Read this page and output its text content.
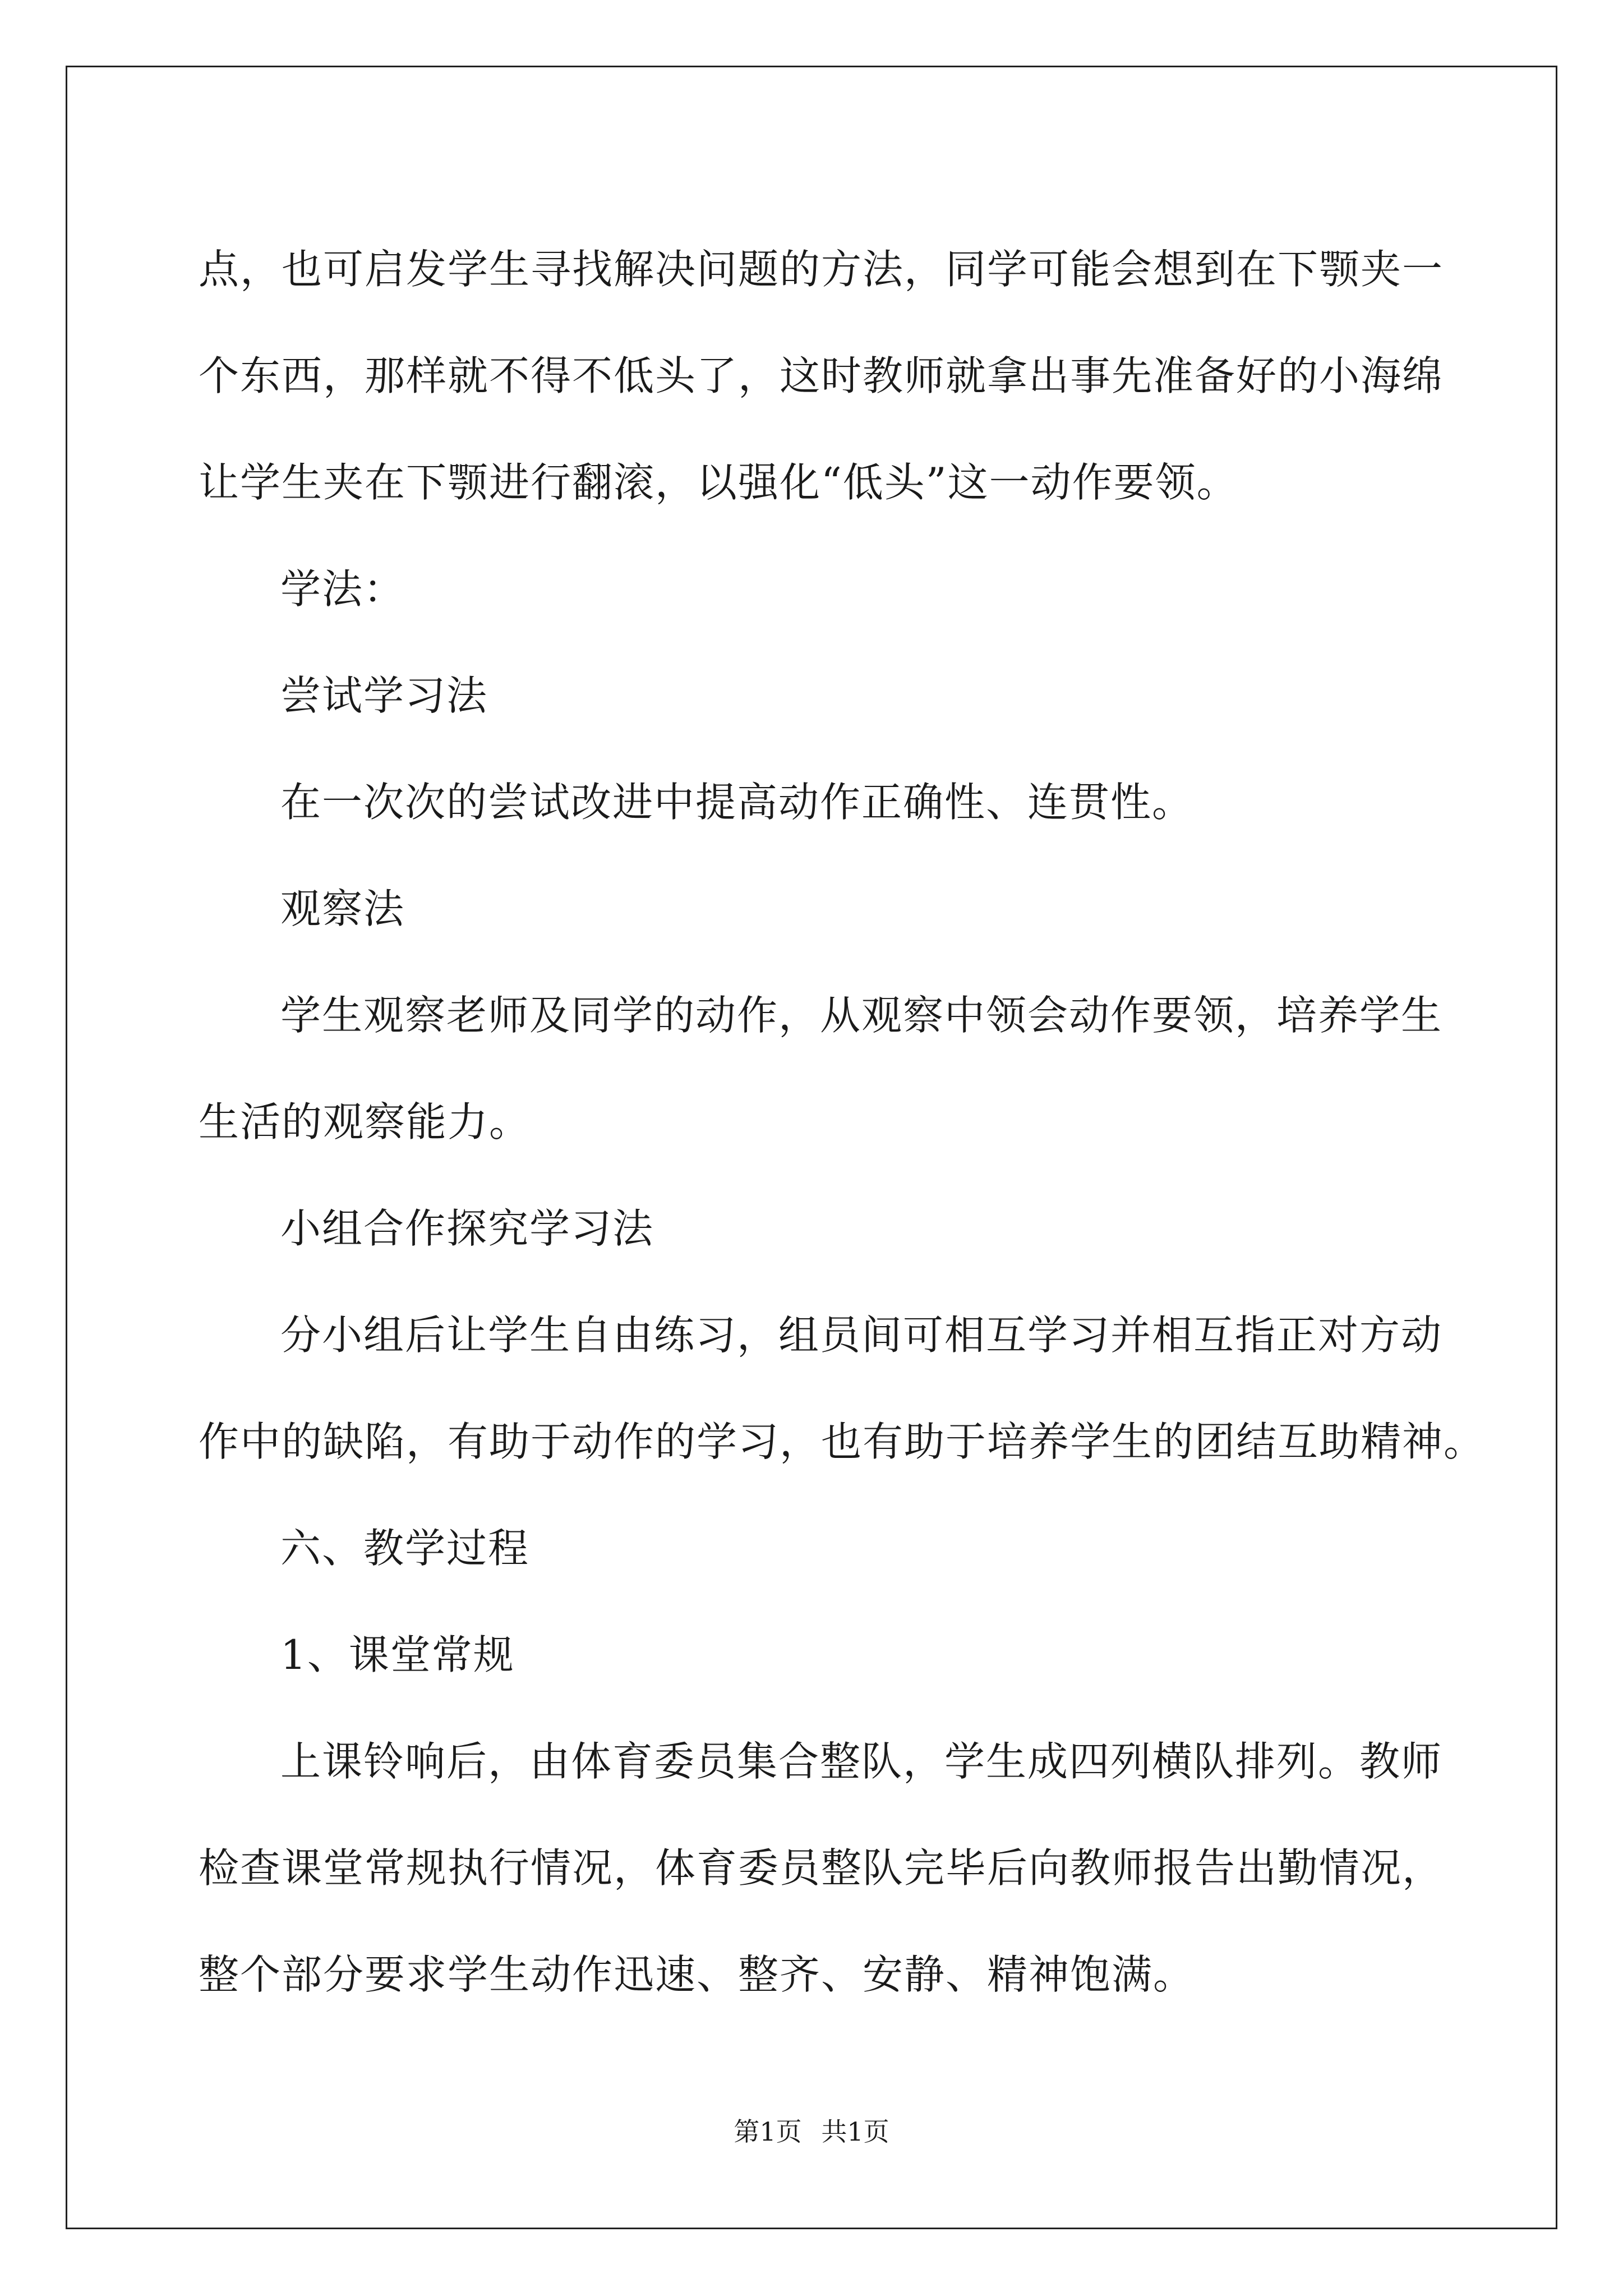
点，也可启发学生寻找解决问题的方法，同学可能会想到在下颚夹一
个东西，那样就不得不低头了，这时教师就拿出事先准备好的小海绵
让学生夹在下颚进行翻滚，以强化“低头”这一动作要领。
学法：
尝试学习法
在一次次的尝试改进中提高动作正确性、连贯性。
观察法
学生观察老师及同学的动作，从观察中领会动作要领，培养学生
生活的观察能力。
小组合作探究学习法
分小组后让学生自由练习，组员间可相互学习并相互指正对方动
作中的缺陷，有助于动作的学习，也有助于培养学生的团结互助精神。
六、教学过程
1、课堂常规
上课铃响后，由体育委员集合整队，学生成四列横队排列。教师
检查课堂常规执行情况，体育委员整队完毕后向教师报告出勤情况，
整个部分要求学生动作迅速、整齐、安静、精神饱满。
第1页 共1页
